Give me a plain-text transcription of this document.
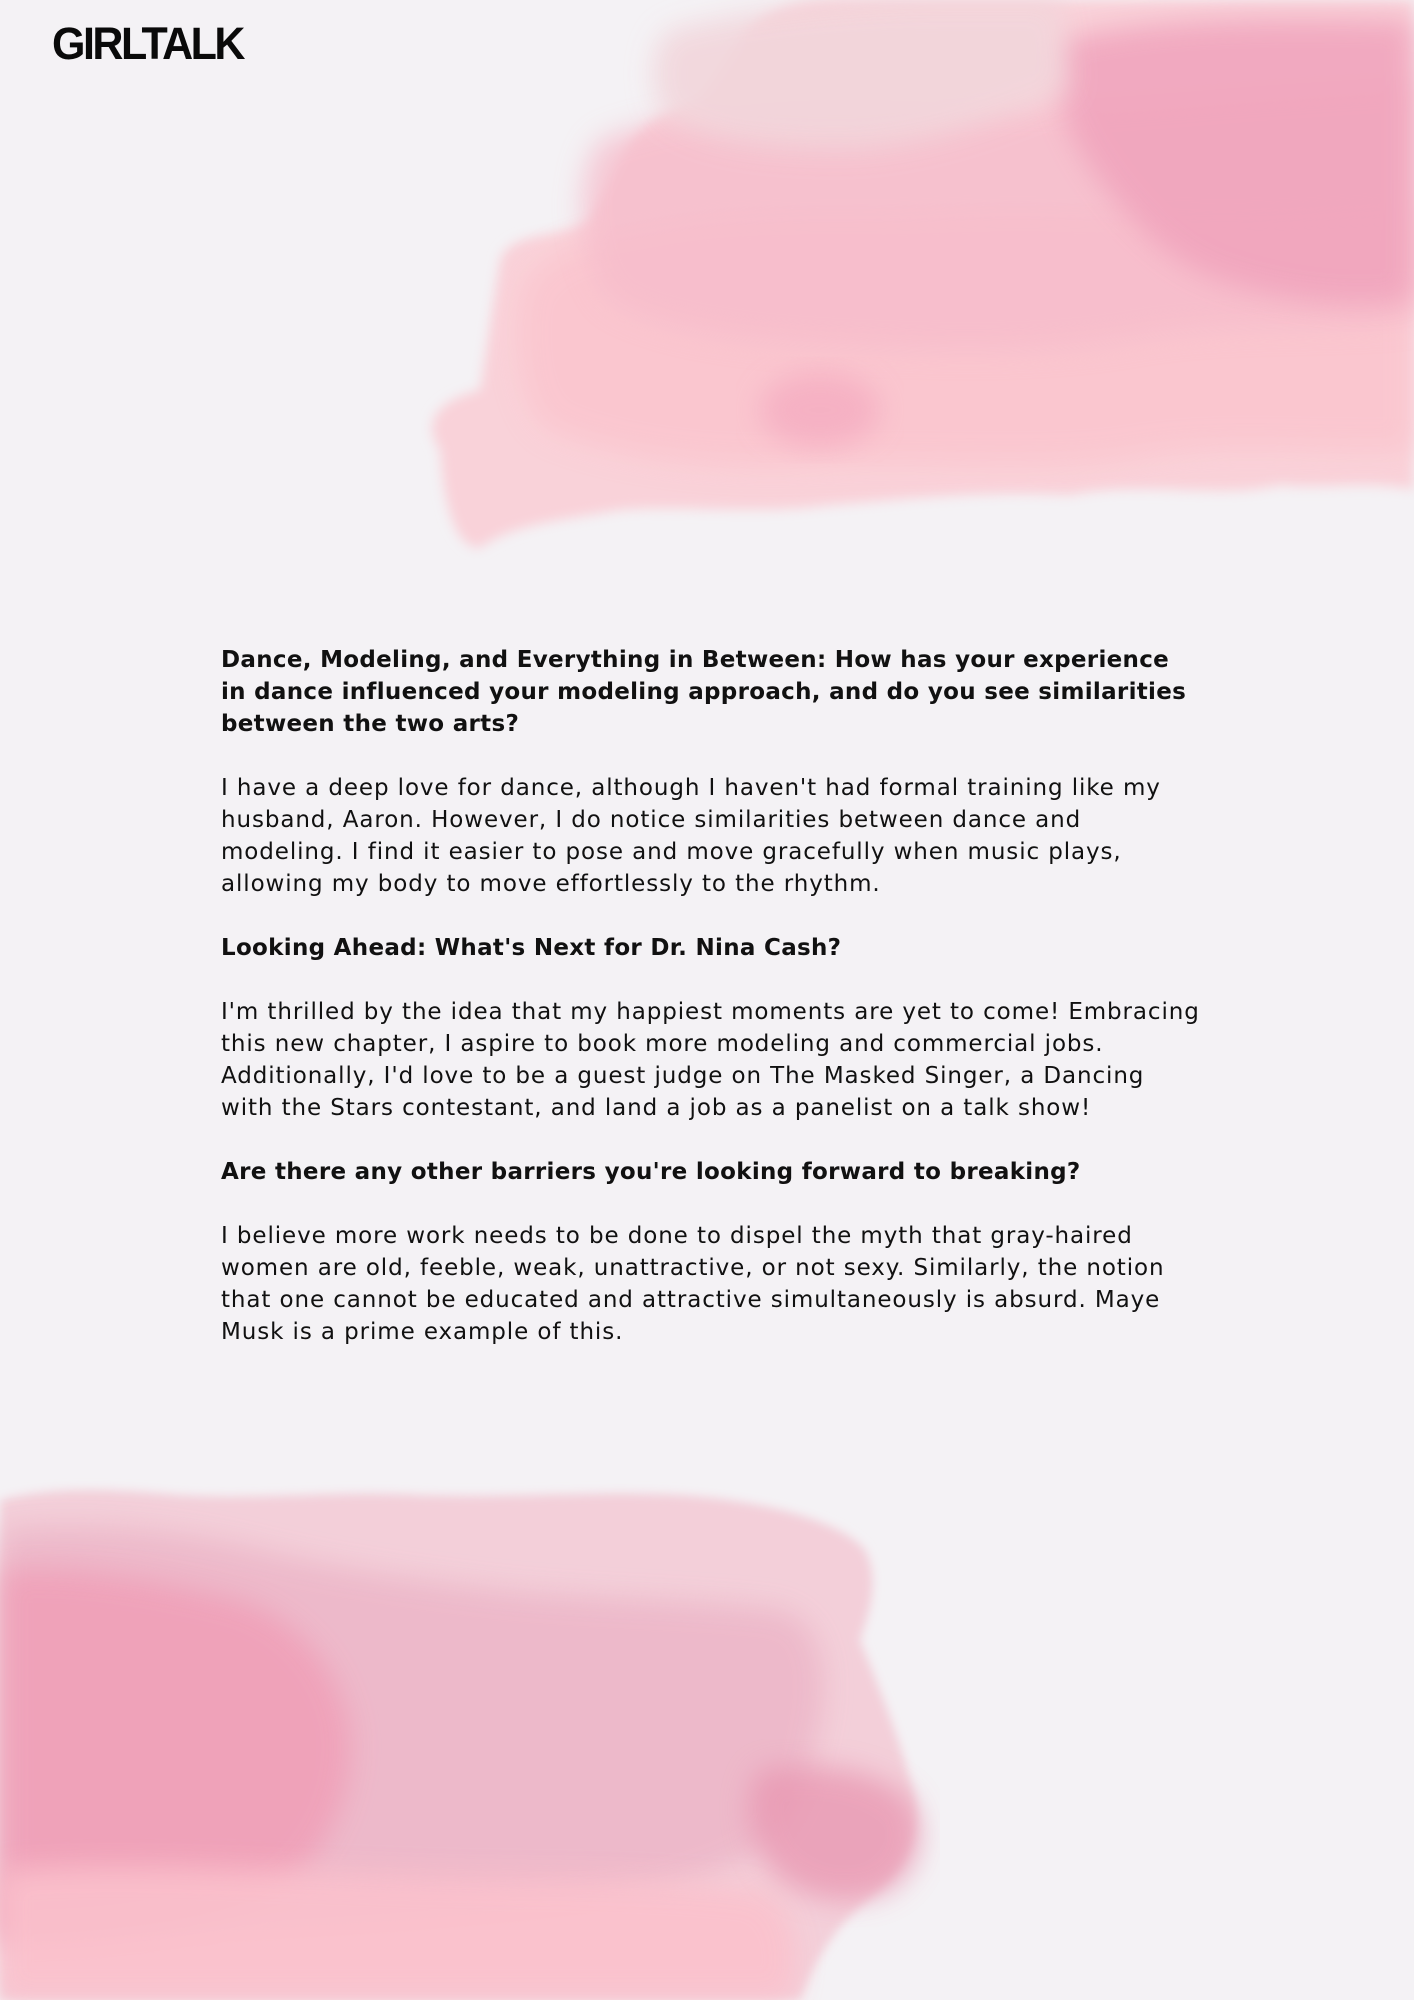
GIRLTALK

Dance, Modeling, and Everything in Between: How has your experience in dance influenced your modeling approach, and do you see similarities between the two arts?

I have a deep love for dance, although I haven't had formal training like my husband, Aaron. However, I do notice similarities between dance and modeling. I find it easier to pose and move gracefully when music plays, allowing my body to move effortlessly to the rhythm.

Looking Ahead: What's Next for Dr. Nina Cash?

I'm thrilled by the idea that my happiest moments are yet to come! Embracing this new chapter, I aspire to book more modeling and commercial jobs. Additionally, I'd love to be a guest judge on The Masked Singer, a Dancing with the Stars contestant, and land a job as a panelist on a talk show!

Are there any other barriers you're looking forward to breaking?

I believe more work needs to be done to dispel the myth that gray-haired women are old, feeble, weak, unattractive, or not sexy. Similarly, the notion that one cannot be educated and attractive simultaneously is absurd. Maye Musk is a prime example of this.
